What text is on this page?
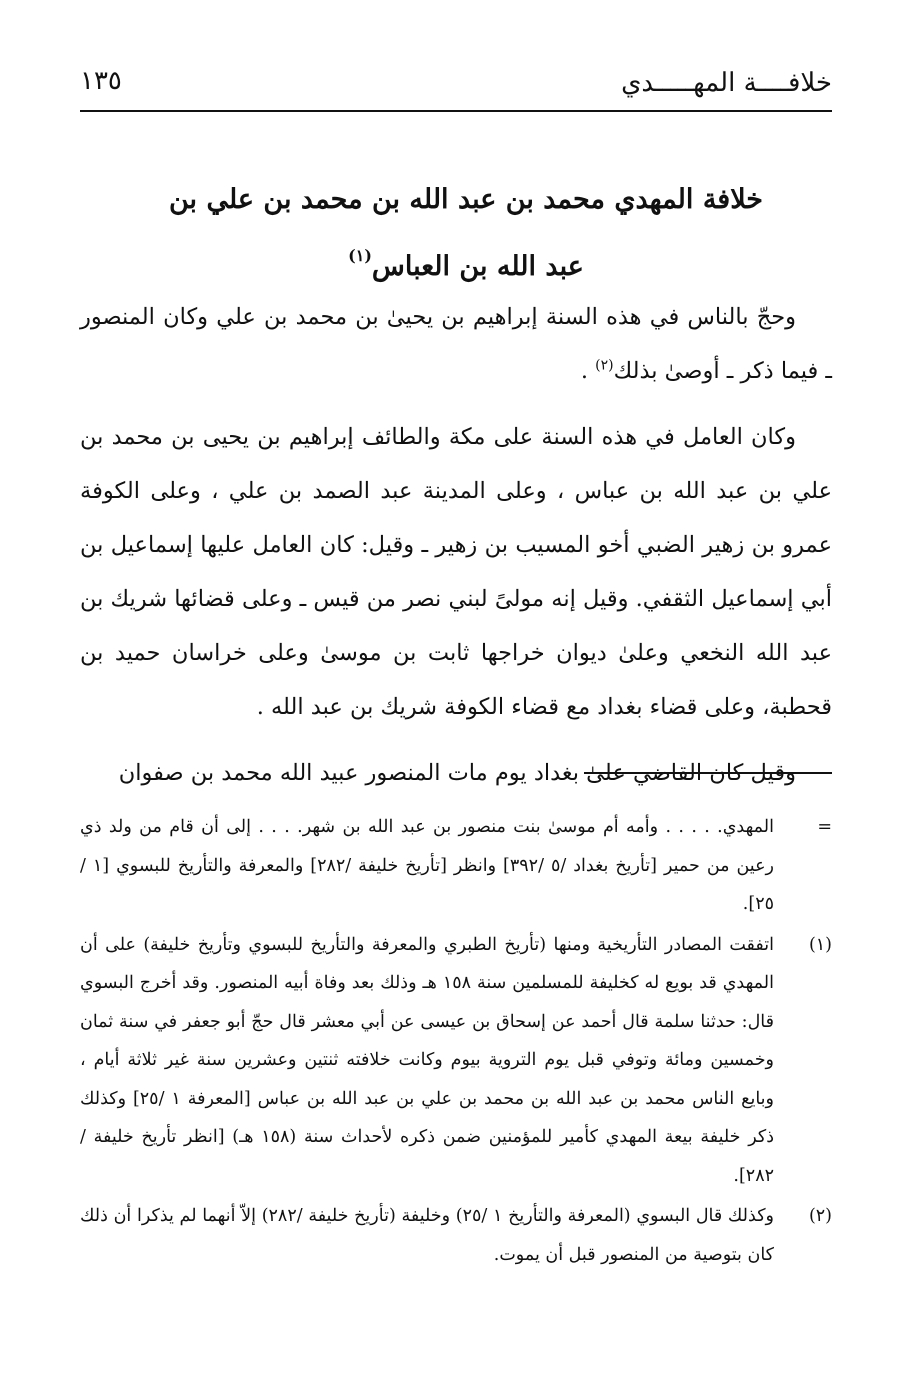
خلافــــة المهـــــدي
١٣٥
خلافة المهدي محمد بن عبد الله بن محمد بن علي بن
عبد الله بن العباس$^{(١)}$

وحجّ بالناس في هذه السنة إبراهيم بن يحيىٰ بن محمد بن علي وكان المنصور ـ فيما ذكر ـ أوصىٰ بذلك$^{(٢)}$ .

وكان العامل في هذه السنة على مكة والطائف إبراهيم بن يحيى بن محمد بن علي بن عبد الله بن عباس ، وعلى المدينة عبد الصمد بن علي ، وعلى الكوفة عمرو بن زهير الضبي أخو المسيب بن زهير ـ وقيل: كان العامل عليها إسماعيل بن أبي إسماعيل الثقفي. وقيل إنه مولىً لبني نصر من قيس ـ وعلى قضائها شريك بن عبد الله النخعي وعلىٰ ديوان خراجها ثابت بن موسىٰ وعلى خراسان حميد بن قحطبة، وعلى قضاء بغداد مع قضاء الكوفة شريك بن عبد الله .

وقيل كان القاضي علىٰ بغداد يوم مات المنصور عبيد الله محمد بن صفوان

=
المهدي. . . . . وأمه أم موسىٰ بنت منصور بن عبد الله بن شهر. . . . إلى أن قام من ولد ذي رعين من حمير [تأريخ بغداد /٥ /٣٩٢] وانظر [تأريخ خليفة /٢٨٢] والمعرفة والتأريخ للبسوي [١ /٢٥].
(١)
اتفقت المصادر التأريخية ومنها (تأريخ الطبري والمعرفة والتأريخ للبسوي وتأريخ خليفة) على أن المهدي قد بويع له كخليفة للمسلمين سنة ١٥٨ هـ وذلك بعد وفاة أبيه المنصور. وقد أخرج البسوي قال: حدثنا سلمة قال أحمد عن إسحاق بن عيسى عن أبي معشر قال حجّ أبو جعفر في سنة ثمان وخمسين ومائة وتوفي قبل يوم التروية بيوم وكانت خلافته ثنتين وعشرين سنة غير ثلاثة أيام ، وبايع الناس محمد بن عبد الله بن محمد بن علي بن عبد الله بن عباس [المعرفة ١ /٢٥] وكذلك ذكر خليفة بيعة المهدي كأمير للمؤمنين ضمن ذكره لأحداث سنة (١٥٨ هـ) [انظر تأريخ خليفة /٢٨٢].
(٢)
وكذلك قال البسوي (المعرفة والتأريخ ١ /٢٥) وخليفة (تأريخ خليفة /٢٨٢) إلاّ أنهما لم يذكرا أن ذلك كان بتوصية من المنصور قبل أن يموت.
